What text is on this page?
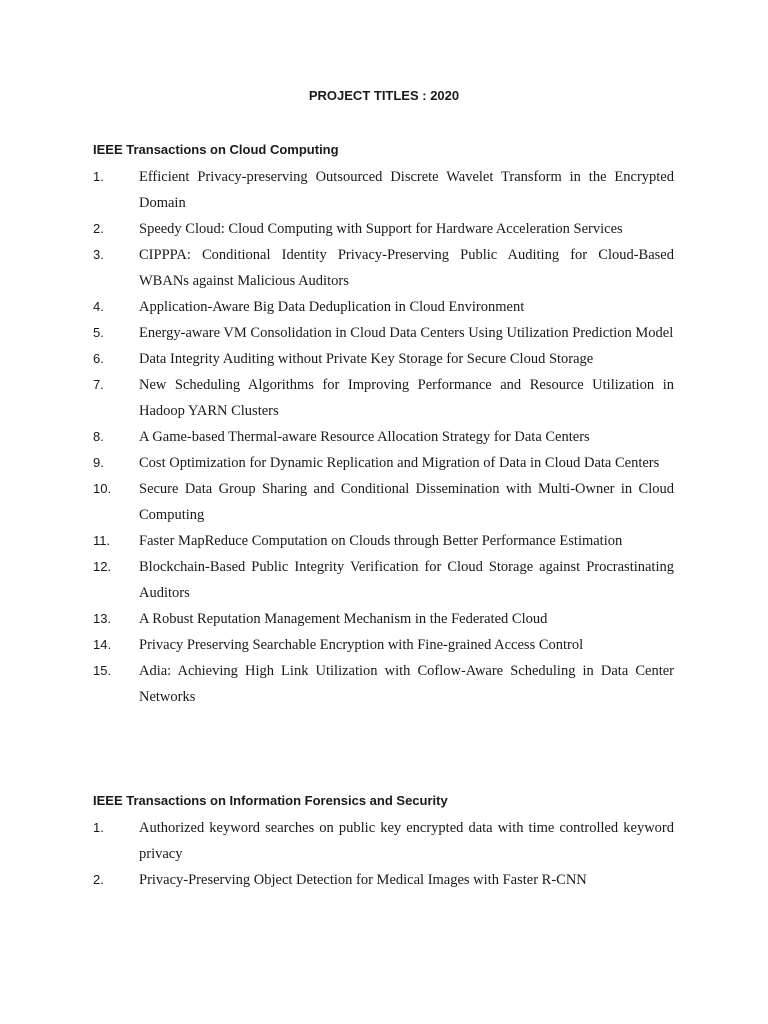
PROJECT TITLES : 2020
IEEE Transactions on Cloud Computing
1. Efficient Privacy-preserving Outsourced Discrete Wavelet Transform in the Encrypted Domain
2. Speedy Cloud: Cloud Computing with Support for Hardware Acceleration Services
3. CIPPPA: Conditional Identity Privacy-Preserving Public Auditing for Cloud-Based WBANs against Malicious Auditors
4. Application-Aware Big Data Deduplication in Cloud Environment
5. Energy-aware VM Consolidation in Cloud Data Centers Using Utilization Prediction Model
6. Data Integrity Auditing without Private Key Storage for Secure Cloud Storage
7. New Scheduling Algorithms for Improving Performance and Resource Utilization in Hadoop YARN Clusters
8. A Game-based Thermal-aware Resource Allocation Strategy for Data Centers
9. Cost Optimization for Dynamic Replication and Migration of Data in Cloud Data Centers
10. Secure Data Group Sharing and Conditional Dissemination with Multi-Owner in Cloud Computing
11. Faster MapReduce Computation on Clouds through Better Performance Estimation
12. Blockchain-Based Public Integrity Verification for Cloud Storage against Procrastinating Auditors
13. A Robust Reputation Management Mechanism in the Federated Cloud
14. Privacy Preserving Searchable Encryption with Fine-grained Access Control
15. Adia: Achieving High Link Utilization with Coflow-Aware Scheduling in Data Center Networks
IEEE Transactions on Information Forensics and Security
1. Authorized keyword searches on public key encrypted data with time controlled keyword privacy
2. Privacy-Preserving Object Detection for Medical Images with Faster R-CNN
